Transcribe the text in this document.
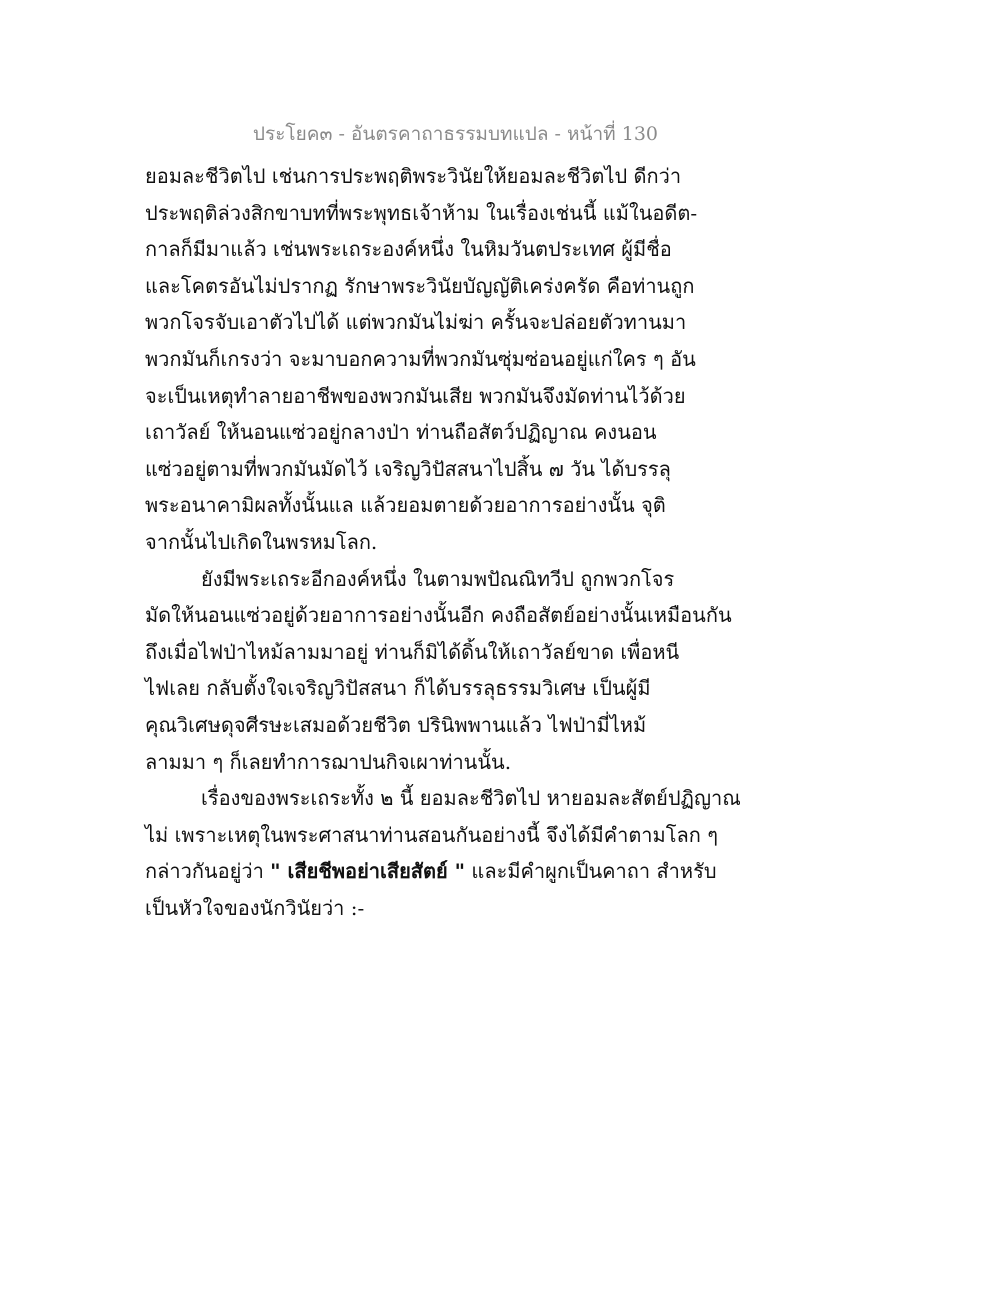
ประโยค๓ - อันตรคาถาธรรมบทแปล - หน้าที่ 130
ยอมละชีวิตไป เช่นการประพฤติพระวินัยให้ยอมละชีวิตไป ดีกว่า
ประพฤติล่วงสิกขาบทที่พระพุทธเจ้าห้าม ในเรื่องเช่นนี้ แม้ในอดีต-
กาลก็มีมาแล้ว เช่นพระเถระองค์หนึ่ง ในหิมวันตประเทศ ผู้มีชื่อ
และโคตรอันไม่ปรากฏ รักษาพระวินัยบัญญัติเคร่งครัด คือท่านถูก
พวกโจรจับเอาตัวไปได้ แต่พวกมันไม่ฆ่า ครั้นจะปล่อยตัวทานมา
พวกมันก็เกรงว่า จะมาบอกความที่พวกมันซุ่มซ่อนอยู่แก่ใคร ๆ อัน
จะเป็นเหตุทำลายอาชีพของพวกมันเสีย พวกมันจึงมัดท่านไว้ด้วย
เถาวัลย์ ให้นอนแซ่วอยู่กลางป่า ท่านถือสัตว์ปฏิญาณ คงนอน
แซ่วอยู่ตามที่พวกมันมัดไว้ เจริญวิปัสสนาไปสิ้น ๗ วัน ได้บรรลุ
พระอนาคามิผลทั้งนั้นแล แล้วยอมตายด้วยอาการอย่างนั้น จุติ
จากนั้นไปเกิดในพรหมโลก.
ยังมีพระเถระอีกองค์หนึ่ง ในตามพปัณณิทวีป ถูกพวกโจร
มัดให้นอนแซ่วอยู่ด้วยอาการอย่างนั้นอีก คงถือสัตย์อย่างนั้นเหมือนกัน
ถึงเมื่อไฟป่าไหม้ลามมาอยู่ ท่านก็มิได้ดิ้นให้เถาวัลย์ขาด เพื่อหนี
ไฟเลย กลับตั้งใจเจริญวิปัสสนา ก็ได้บรรลุธรรมวิเศษ เป็นผู้มี
คุณวิเศษดุจศีรษะเสมอด้วยชีวิต ปรินิพพานแล้ว ไฟป่ามี่ไหม้
ลามมา ๆ ก็เลยทำการฌาปนกิจเผาท่านนั้น.
เรื่องของพระเถระทั้ง ๒ นี้ ยอมละชีวิตไป หายอมละสัตย์ปฏิญาณ
ไม่ เพราะเหตุในพระศาสนาท่านสอนกันอย่างนี้ จึงได้มีคำตามโลก ๆ
กล่าวกันอยู่ว่า " เสียชีพอย่าเสียสัตย์ " และมีคำผูกเป็นคาถา สำหรับ
เป็นหัวใจของนักวินัยว่า :-
